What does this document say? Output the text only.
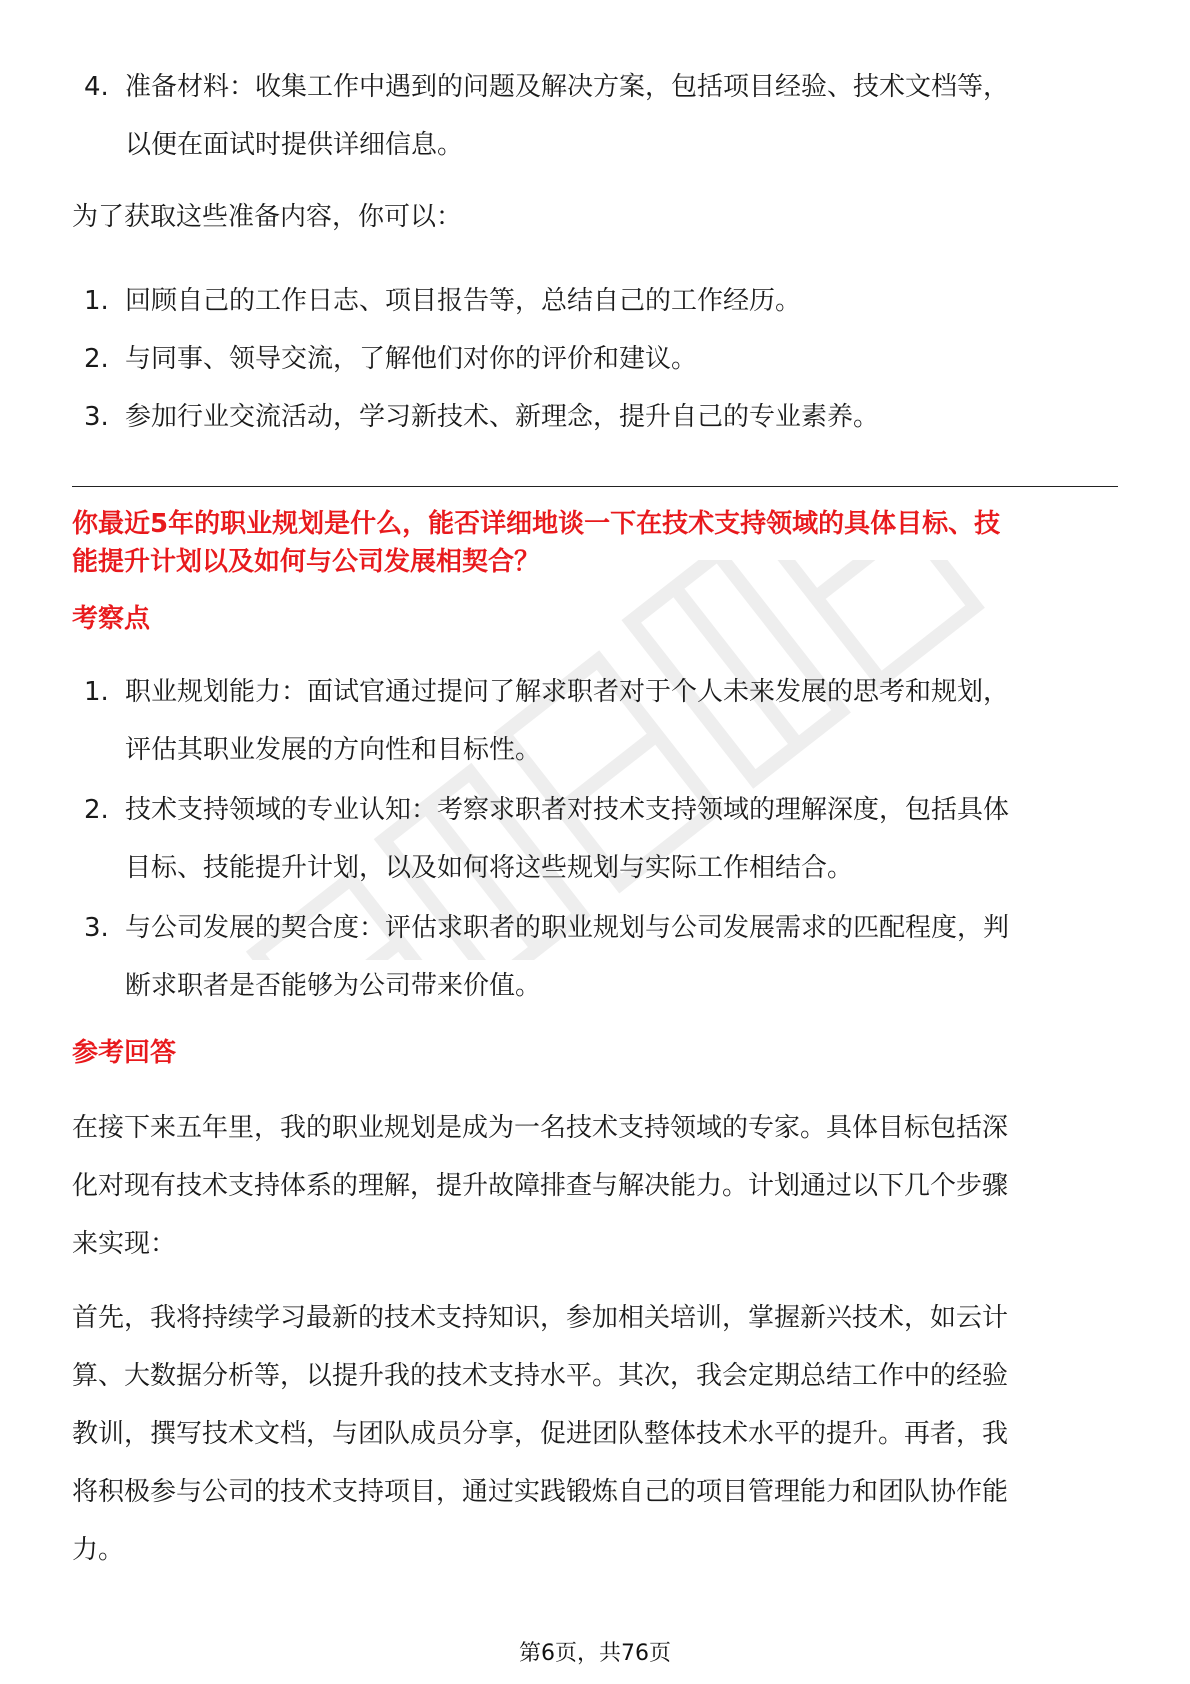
4. 准备材料：收集工作中遇到的问题及解决方案，包括项目经验、技术文档等，
以便在面试时提供详细信息。

为了获取这些准备内容，你可以：

1. 回顾自己的工作日志、项目报告等，总结自己的工作经历。
2. 与同事、领导交流，了解他们对你的评价和建议。
3. 参加行业交流活动，学习新技术、新理念，提升自己的专业素养。
你最近5年的职业规划是什么，能否详细地谈一下在技术支持领域的具体目标、技
能提升计划以及如何与公司发展相契合？
考察点
1. 职业规划能力：面试官通过提问了解求职者对于个人未来发展的思考和规划，
评估其职业发展的方向性和目标性。
2. 技术支持领域的专业认知：考察求职者对技术支持领域的理解深度，包括具体
目标、技能提升计划，以及如何将这些规划与实际工作相结合。
3. 与公司发展的契合度：评估求职者的职业规划与公司发展需求的匹配程度，判
断求职者是否能够为公司带来价值。
参考回答

在接下来五年里，我的职业规划是成为一名技术支持领域的专家。具体目标包括深

化对现有技术支持体系的理解，提升故障排查与解决能力。计划通过以下几个步骤

来实现：

首先，我将持续学习最新的技术支持知识，参加相关培训，掌握新兴技术，如云计

算、大数据分析等，以提升我的技术支持水平。其次，我会定期总结工作中的经验

教训，撰写技术文档，与团队成员分享，促进团队整体技术水平的提升。再者，我

将积极参与公司的技术支持项目，通过实践锻炼自己的项目管理能力和团队协作能

力。

第6页，共76页
